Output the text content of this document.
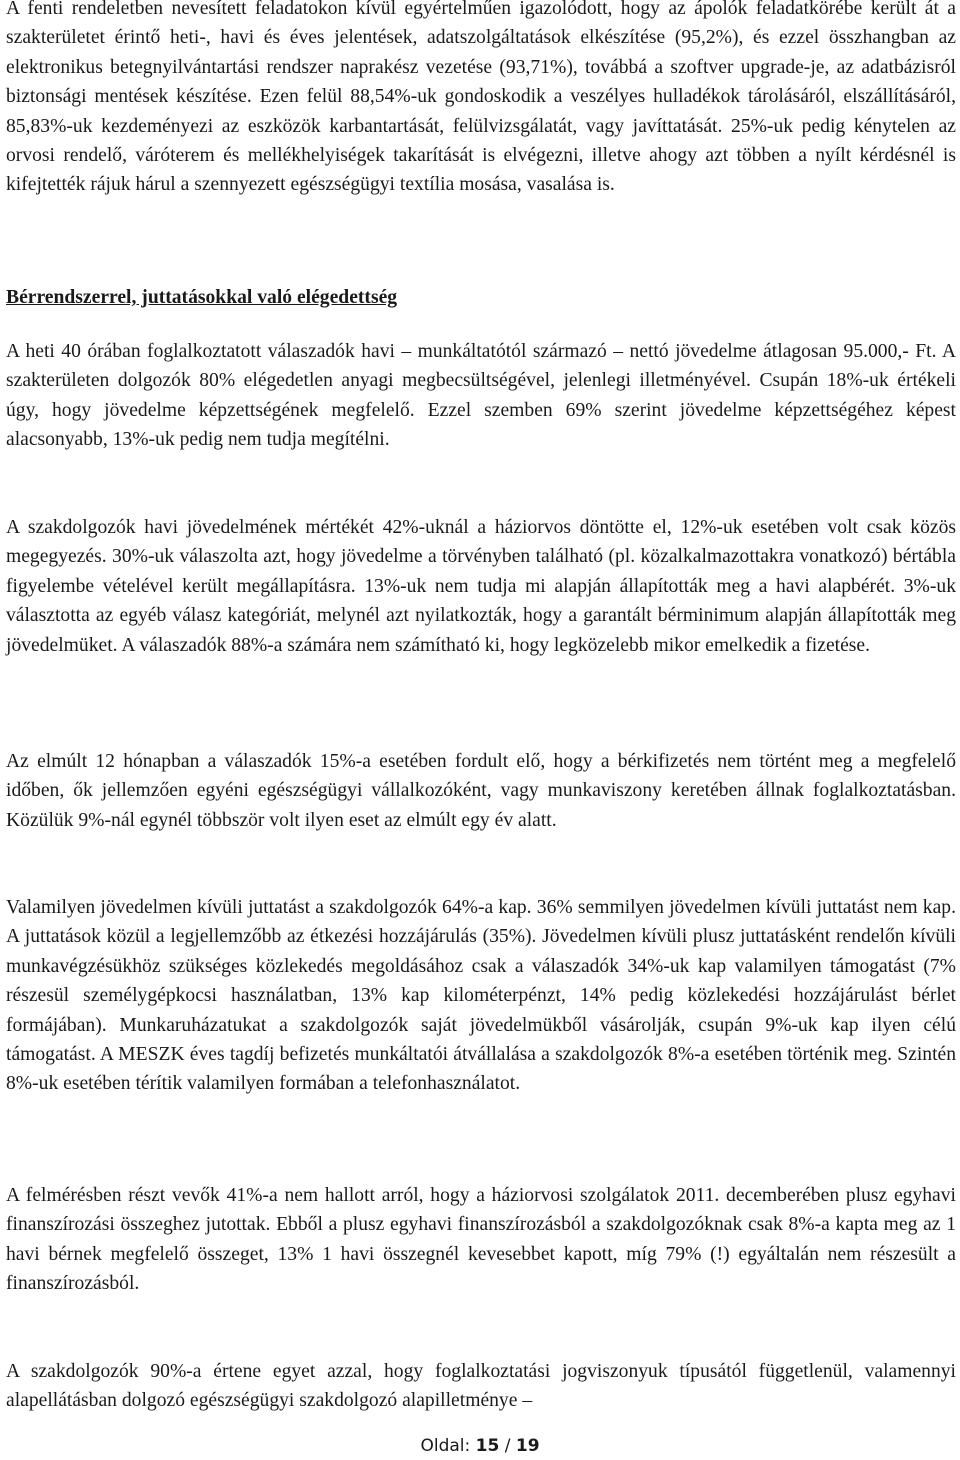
A fenti rendeletben nevesített feladatokon kívül egyértelműen igazolódott, hogy az ápolók feladatkörébe került át a szakterületet érintő heti-, havi és éves jelentések, adatszolgáltatások elkészítése (95,2%), és ezzel összhangban az elektronikus betegnyilvántartási rendszer naprakész vezetése (93,71%), továbbá a szoftver upgrade-je, az adatbázisról biztonsági mentések készítése. Ezen felül 88,54%-uk gondoskodik a veszélyes hulladékok tárolásáról, elszállításáról, 85,83%-uk kezdeményezi az eszközök karbantartását, felülvizsgálatát, vagy javíttatását. 25%-uk pedig kénytelen az orvosi rendelő, váróterem és mellékhelyiségek takarítását is elvégezni, illetve ahogy azt többen a nyílt kérdésnél is kifejtették rájuk hárul a szennyezett egészségügyi textília mosása, vasalása is.

Bérrendszerrel, juttatásokkal való elégedettség

A heti 40 órában foglalkoztatott válaszadók havi – munkáltatótól származó – nettó jövedelme átlagosan 95.000,- Ft. A szakterületen dolgozók 80% elégedetlen anyagi megbecsültségével, jelenlegi illetményével. Csupán 18%-uk értékeli úgy, hogy jövedelme képzettségének megfelelő. Ezzel szemben 69% szerint jövedelme képzettségéhez képest alacsonyabb, 13%-uk pedig nem tudja megítélni.

A szakdolgozók havi jövedelmének mértékét 42%-uknál a háziorvos döntötte el, 12%-uk esetében volt csak közös megegyezés. 30%-uk válaszolta azt, hogy jövedelme a törvényben található (pl. közalkalmazottakra vonatkozó) bértábla figyelembe vételével került megállapításra. 13%-uk nem tudja mi alapján állapították meg a havi alapbérét. 3%-uk választotta az egyéb válasz kategóriát, melynél azt nyilatkozták, hogy a garantált bérminimum alapján állapították meg jövedelmüket. A válaszadók 88%-a számára nem számítható ki, hogy legközelebb mikor emelkedik a fizetése.

Az elmúlt 12 hónapban a válaszadók 15%-a esetében fordult elő, hogy a bérkifizetés nem történt meg a megfelelő időben, ők jellemzően egyéni egészségügyi vállalkozóként, vagy munkaviszony keretében állnak foglalkoztatásban. Közülük 9%-nál egynél többször volt ilyen eset az elmúlt egy év alatt.

Valamilyen jövedelmen kívüli juttatást a szakdolgozók 64%-a kap. 36% semmilyen jövedelmen kívüli juttatást nem kap. A juttatások közül a legjellemzőbb az étkezési hozzájárulás (35%). Jövedelmen kívüli plusz juttatásként rendelőn kívüli munkavégzésükhöz szükséges közlekedés megoldásához csak a válaszadók 34%-uk kap valamilyen támogatást (7% részesül személygépkocsi használatban, 13% kap kilométerpénzt, 14% pedig közlekedési hozzájárulást bérlet formájában). Munkaruházatukat a szakdolgozók saját jövedelmükből vásárolják, csupán 9%-uk kap ilyen célú támogatást. A MESZK éves tagdíj befizetés munkáltatói átvállalása a szakdolgozók 8%-a esetében történik meg. Szintén 8%-uk esetében térítik valamilyen formában a telefonhasználatot.

A felmérésben részt vevők 41%-a nem hallott arról, hogy a háziorvosi szolgálatok 2011. decemberében plusz egyhavi finanszírozási összeghez jutottak. Ebből a plusz egyhavi finanszírozásból a szakdolgozóknak csak 8%-a kapta meg az 1 havi bérnek megfelelő összeget, 13% 1 havi összegnél kevesebbet kapott, míg 79% (!) egyáltalán nem részesült a finanszírozásból.

A szakdolgozók 90%-a értene egyet azzal, hogy foglalkoztatási jogviszonyuk típusától függetlenül, valamennyi alapellátásban dolgozó egészségügyi szakdolgozó alapilletménye –

Oldal: 15 / 19
